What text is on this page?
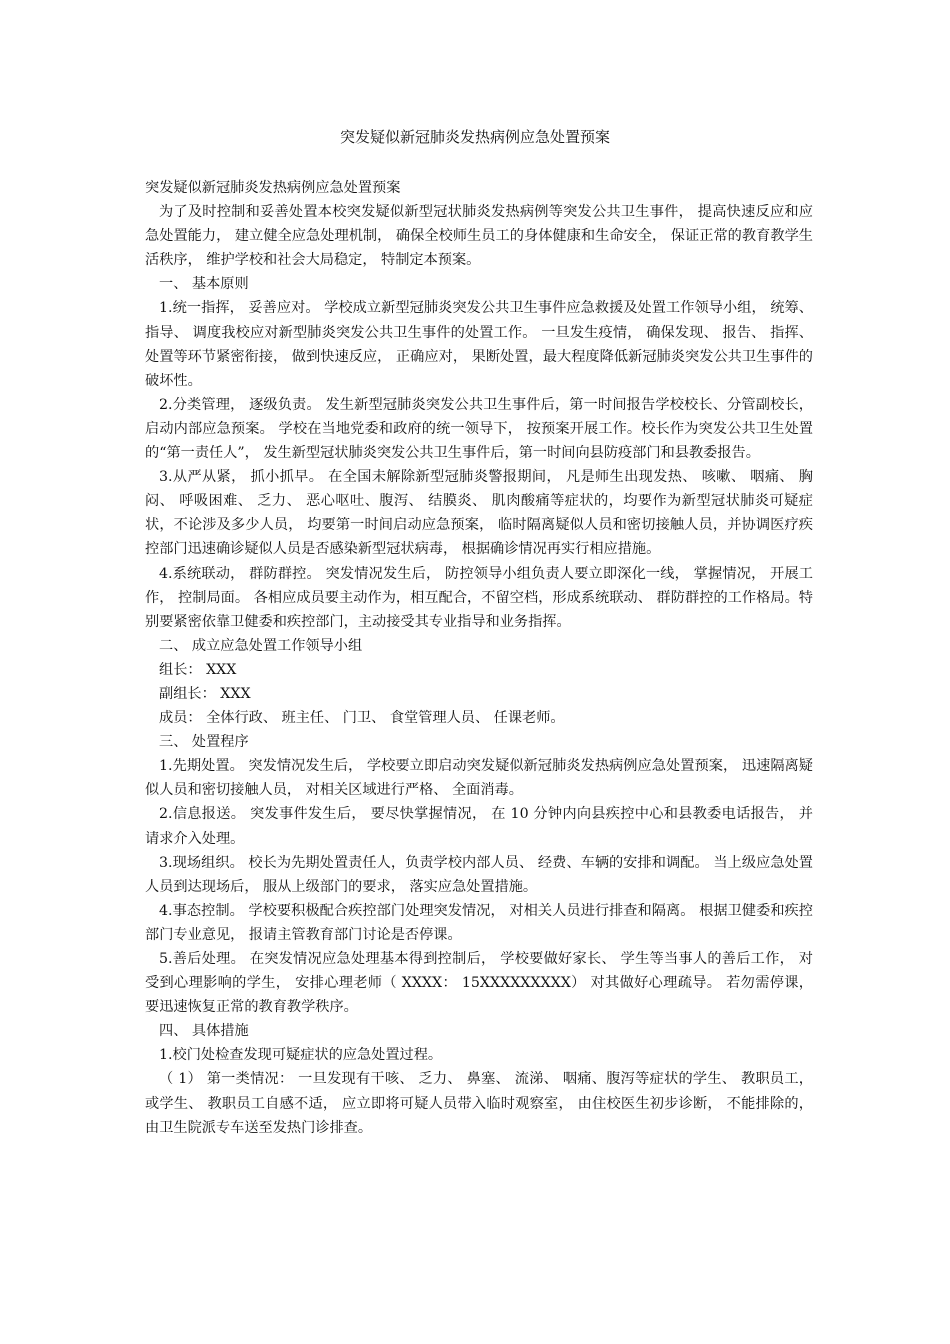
突发疑似新冠肺炎发热病例应急处置预案

突发疑似新冠肺炎发热病例应急处置预案

为了及时控制和妥善处置本校突发疑似新型冠状肺炎发热病例等突发公共卫生事件， 提高快速反应和应急处置能力， 建立健全应急处理机制， 确保全校师生员工的身体健康和生命安全， 保证正常的教育教学生活秩序， 维护学校和社会大局稳定， 特制定本预案。

一、 基本原则

1.统一指挥， 妥善应对。 学校成立新型冠肺炎突发公共卫生事件应急救援及处置工作领导小组， 统筹、 指导、 调度我校应对新型肺炎突发公共卫生事件的处置工作。 一旦发生疫情， 确保发现、 报告、 指挥、 处置等环节紧密衔接， 做到快速反应， 正确应对， 果断处置，最大程度降低新冠肺炎突发公共卫生事件的破坏性。

2.分类管理， 逐级负责。 发生新型冠肺炎突发公共卫生事件后，第一时间报告学校校长、分管副校长， 启动内部应急预案。 学校在当地党委和政府的统一领导下， 按预案开展工作。校长作为突发公共卫生处置的“第一责任人”， 发生新型冠状肺炎突发公共卫生事件后，第一时间向县防疫部门和县教委报告。

3.从严从紧， 抓小抓早。 在全国未解除新型冠肺炎警报期间， 凡是师生出现发热、 咳嗽、 咽痛、 胸闷、 呼吸困难、 乏力、 恶心呕吐、腹泻、 结膜炎、 肌肉酸痛等症状的，均要作为新型冠状肺炎可疑症状，不论涉及多少人员， 均要第一时间启动应急预案， 临时隔离疑似人员和密切接触人员，并协调医疗疾控部门迅速确诊疑似人员是否感染新型冠状病毒， 根据确诊情况再实行相应措施。

4.系统联动， 群防群控。 突发情况发生后， 防控领导小组负责人要立即深化一线， 掌握情况， 开展工作， 控制局面。 各相应成员要主动作为，相互配合，不留空档，形成系统联动、 群防群控的工作格局。特别要紧密依靠卫健委和疾控部门，主动接受其专业指导和业务指挥。

二、 成立应急处置工作领导小组

组长： XXX

副组长： XXX

成员： 全体行政、 班主任、 门卫、 食堂管理人员、 任课老师。

三、 处置程序

1.先期处置。 突发情况发生后， 学校要立即启动突发疑似新冠肺炎发热病例应急处置预案， 迅速隔离疑似人员和密切接触人员， 对相关区域进行严格、 全面消毒。

2.信息报送。 突发事件发生后， 要尽快掌握情况， 在 10 分钟内向县疾控中心和县教委电话报告， 并请求介入处理。

3.现场组织。 校长为先期处置责任人，负责学校内部人员、 经费、车辆的安排和调配。 当上级应急处置人员到达现场后， 服从上级部门的要求， 落实应急处置措施。

4.事态控制。 学校要积极配合疾控部门处理突发情况， 对相关人员进行排查和隔离。 根据卫健委和疾控部门专业意见， 报请主管教育部门讨论是否停课。

5.善后处理。 在突发情况应急处理基本得到控制后， 学校要做好家长、 学生等当事人的善后工作， 对受到心理影响的学生， 安排心理老师（ XXXX： 15XXXXXXXXX） 对其做好心理疏导。 若勿需停课，要迅速恢复正常的教育教学秩序。

四、 具体措施

1.校门处检查发现可疑症状的应急处置过程。

（ 1） 第一类情况： 一旦发现有干咳、 乏力、 鼻塞、 流涕、 咽痛、腹泻等症状的学生、 教职员工， 或学生、 教职员工自感不适， 应立即将可疑人员带入临时观察室， 由住校医生初步诊断， 不能排除的， 由卫生院派专车送至发热门诊排查。
